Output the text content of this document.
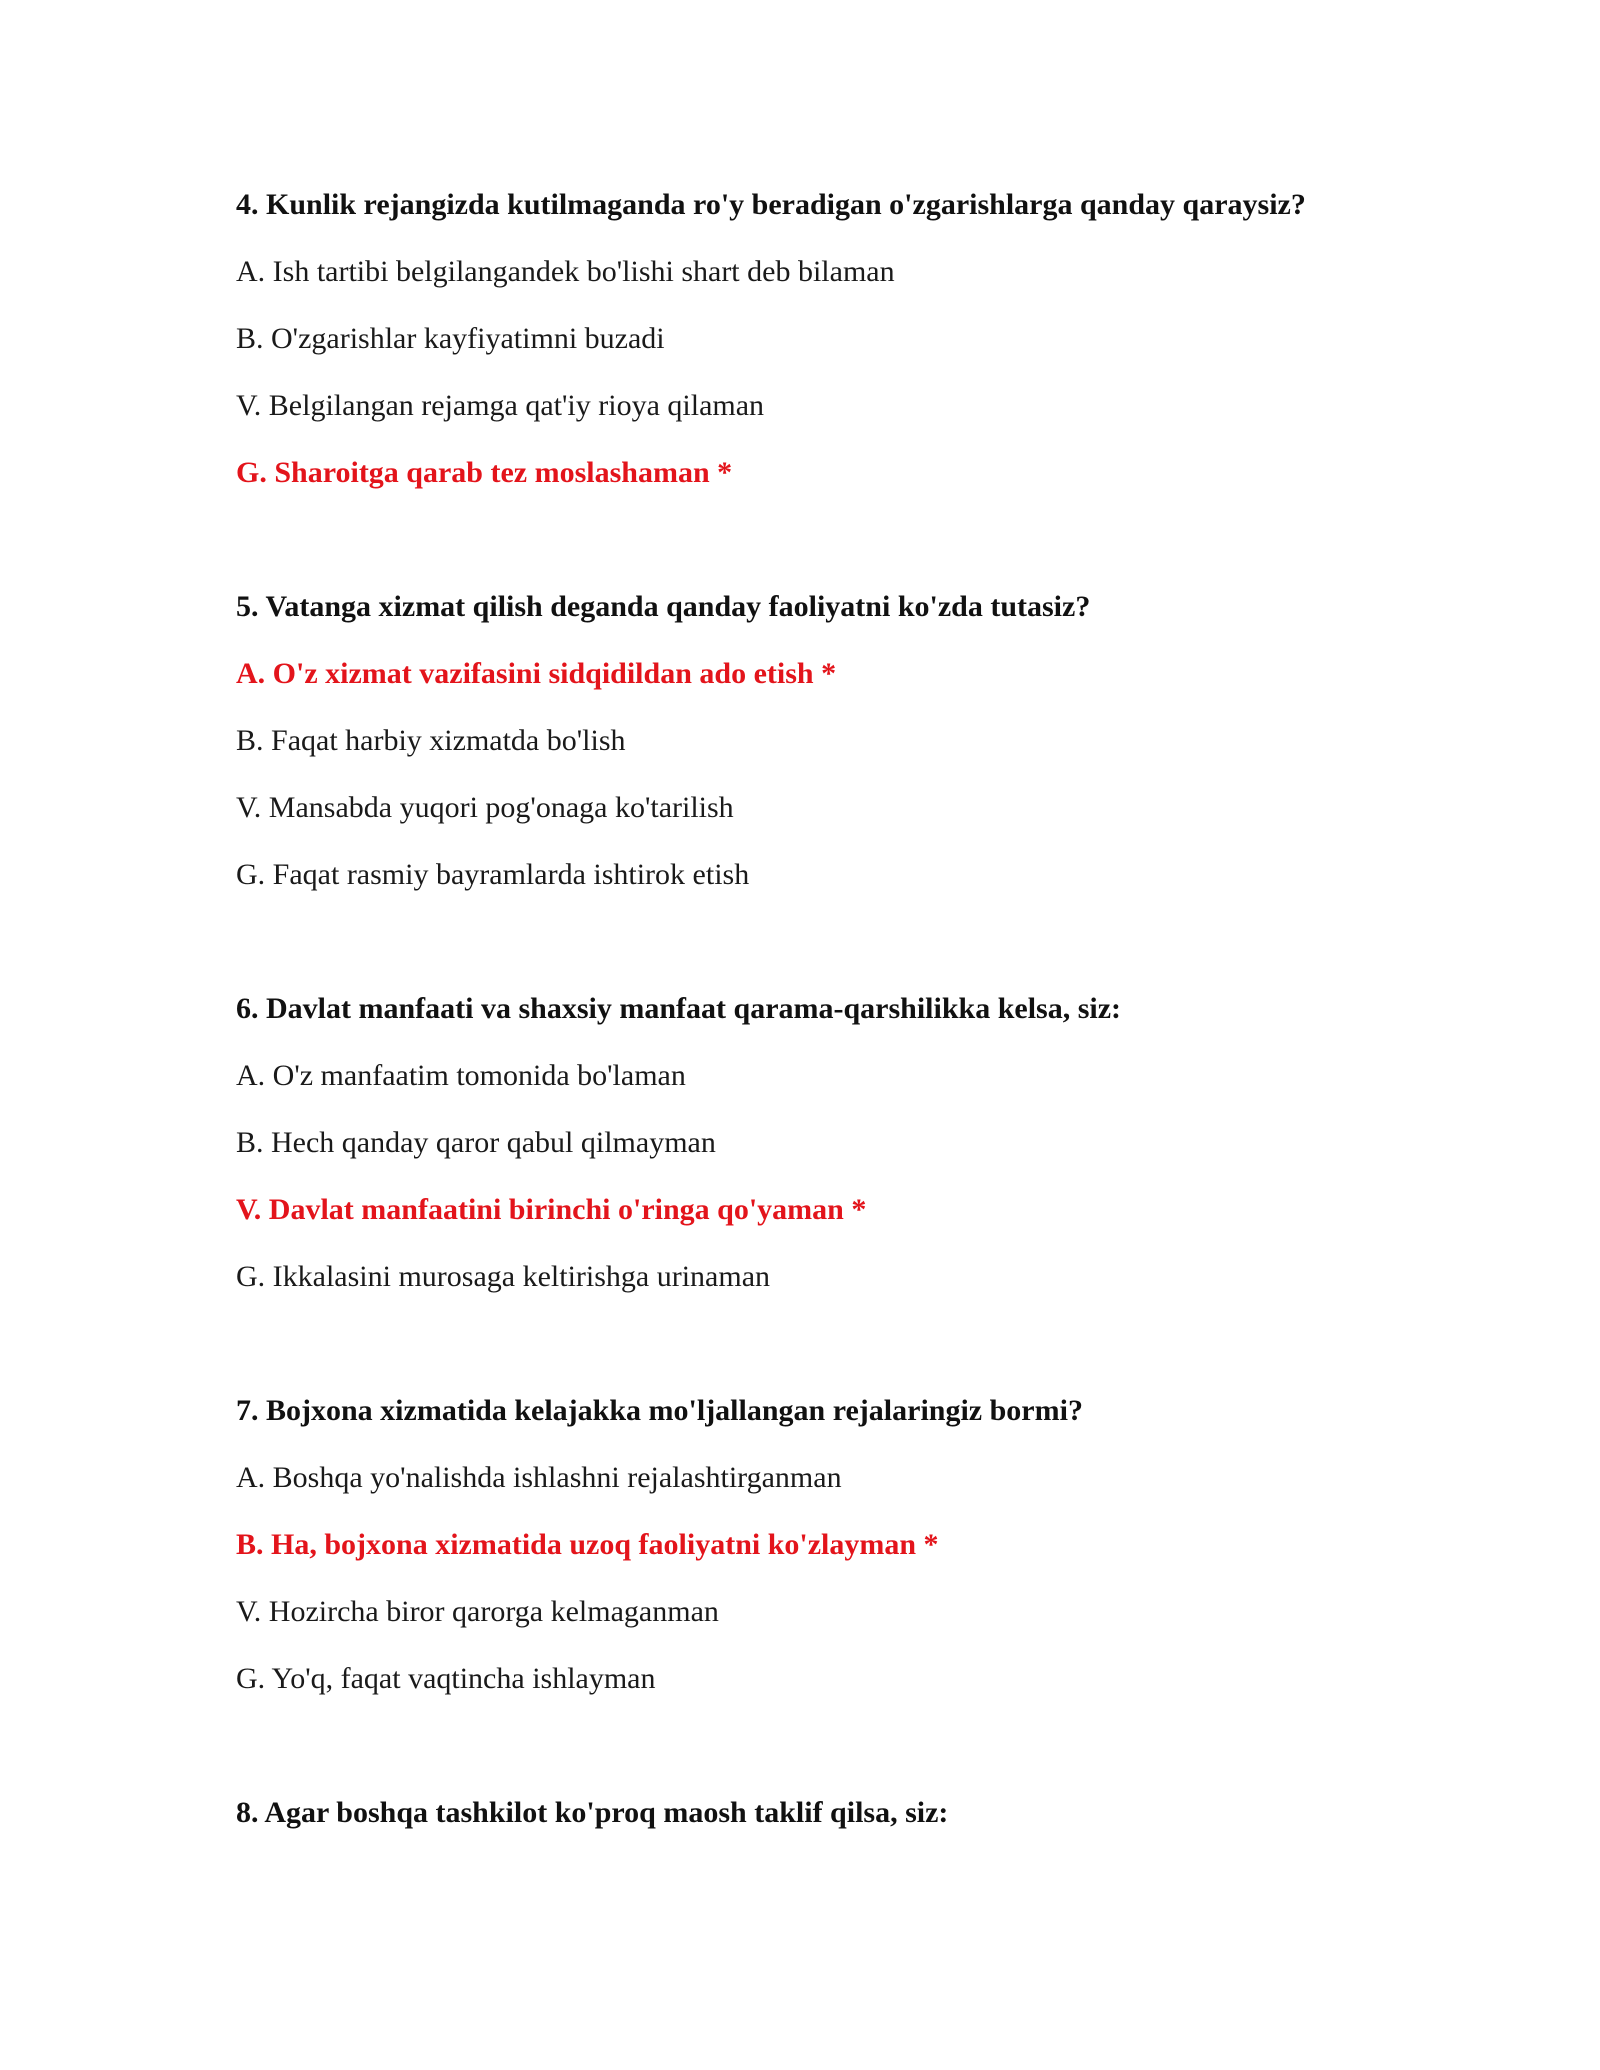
4. Kunlik rejangizda kutilmaganda ro'y beradigan o'zgarishlarga qanday qaraysiz?
A. Ish tartibi belgilangandek bo'lishi shart deb bilaman
B. O'zgarishlar kayfiyatimni buzadi
V. Belgilangan rejamga qat'iy rioya qilaman
G. Sharoitga qarab tez moslashaman *
5. Vatanga xizmat qilish deganda qanday faoliyatni ko'zda tutasiz?
A. O'z xizmat vazifasini sidqidildan ado etish *
B. Faqat harbiy xizmatda bo'lish
V. Mansabda yuqori pog'onaga ko'tarilish
G. Faqat rasmiy bayramlarda ishtirok etish
6. Davlat manfaati va shaxsiy manfaat qarama-qarshilikka kelsa, siz:
A. O'z manfaatim tomonida bo'laman
B. Hech qanday qaror qabul qilmayman
V. Davlat manfaatini birinchi o'ringa qo'yaman *
G. Ikkalasini murosaga keltirishga urinaman
7. Bojxona xizmatida kelajakka mo'ljallangan rejalaringiz bormi?
A. Boshqa yo'nalishda ishlashni rejalashtirganman
B. Ha, bojxona xizmatida uzoq faoliyatni ko'zlayman *
V. Hozircha biror qarorga kelmaganman
G. Yo'q, faqat vaqtincha ishlayman
8. Agar boshqa tashkilot ko'proq maosh taklif qilsa, siz:
